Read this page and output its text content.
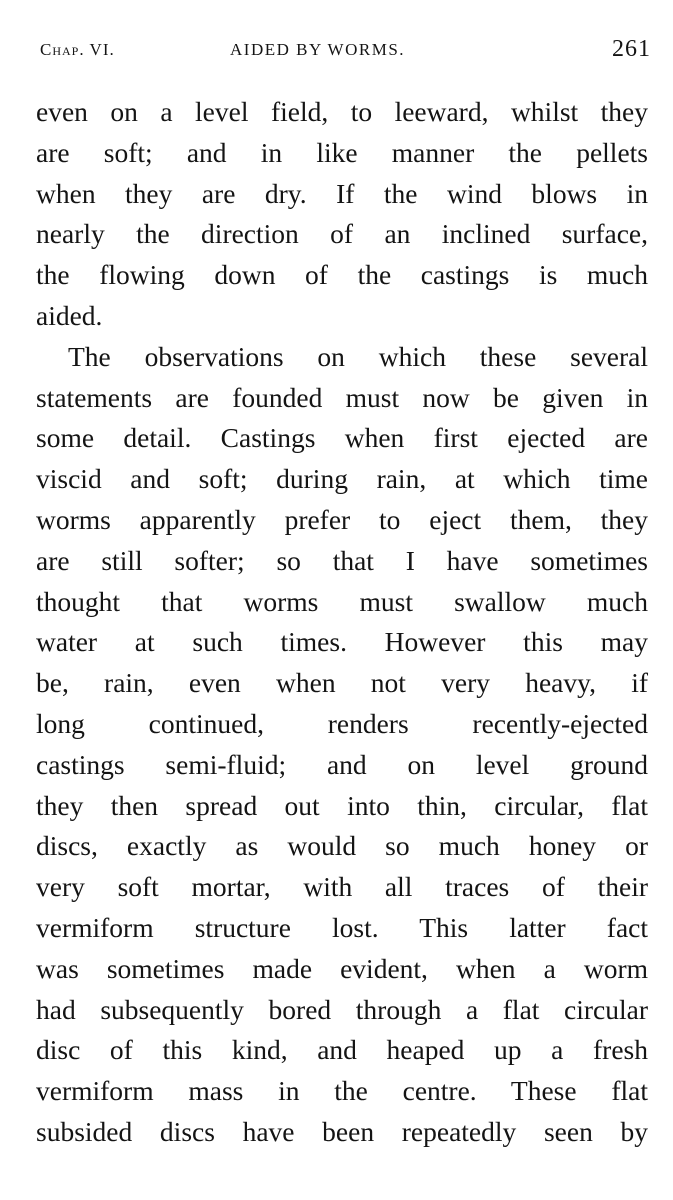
Chap. VI.	AIDED BY WORMS.	261
even on a level field, to leeward, whilst they
are soft; and in like manner the pellets
when they are dry. If the wind blows in
nearly the direction of an inclined surface,
the flowing down of the castings is much
aided.
The observations on which these several
statements are founded must now be given in
some detail. Castings when first ejected are
viscid and soft; during rain, at which time
worms apparently prefer to eject them, they
are still softer; so that I have sometimes
thought that worms must swallow much
water at such times. However this may
be, rain, even when not very heavy, if
long continued, renders recently-ejected
castings semi-fluid; and on level ground
they then spread out into thin, circular, flat
discs, exactly as would so much honey or
very soft mortar, with all traces of their
vermiform structure lost. This latter fact
was sometimes made evident, when a worm
had subsequently bored through a flat circular
disc of this kind, and heaped up a fresh
vermiform mass in the centre. These flat
subsided discs have been repeatedly seen by
